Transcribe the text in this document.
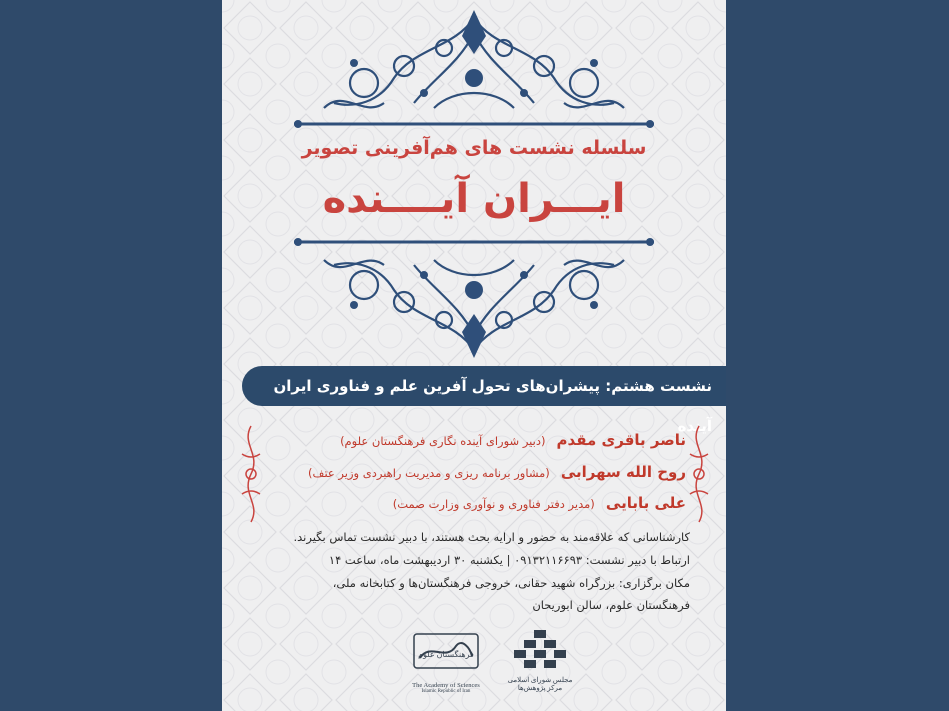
سلسله نشست های هم‌آفرینی تصویر
ایـــران آیــــنده
نشست هشتم: پیشران‌های تحول آفرین علم و فناوری ایران آینده
ناصر باقری مقدم (دبیر شورای آینده نگاری فرهنگستان علوم)
روح الله سهرابی (مشاور برنامه ریزی و مدیریت راهبردی وزیر عتف)
علی بابایی (مدیر دفتر فناوری و نوآوری وزارت صمت)
کارشناسانی که علاقه‌مند به حضور و ارایه بحث هستند، با دبیر نشست تماس بگیرند.
ارتباط با دبیر نشست: ۰۹۱۳۲۱۱۶۶۹۳ | یکشنبه ۳۰ اردیبهشت ماه، ساعت ۱۴
مکان برگزاری: بزرگراه شهید حقانی، خروجی فرهنگستان‌ها و کتابخانه ملی،
فرهنگستان علوم، سالن ابوریحان
فرهنگستان علوم
The Academy of Sciences
Islamic Republic of Iran
مجلس شورای اسلامی
مرکز پژوهش‌ها
